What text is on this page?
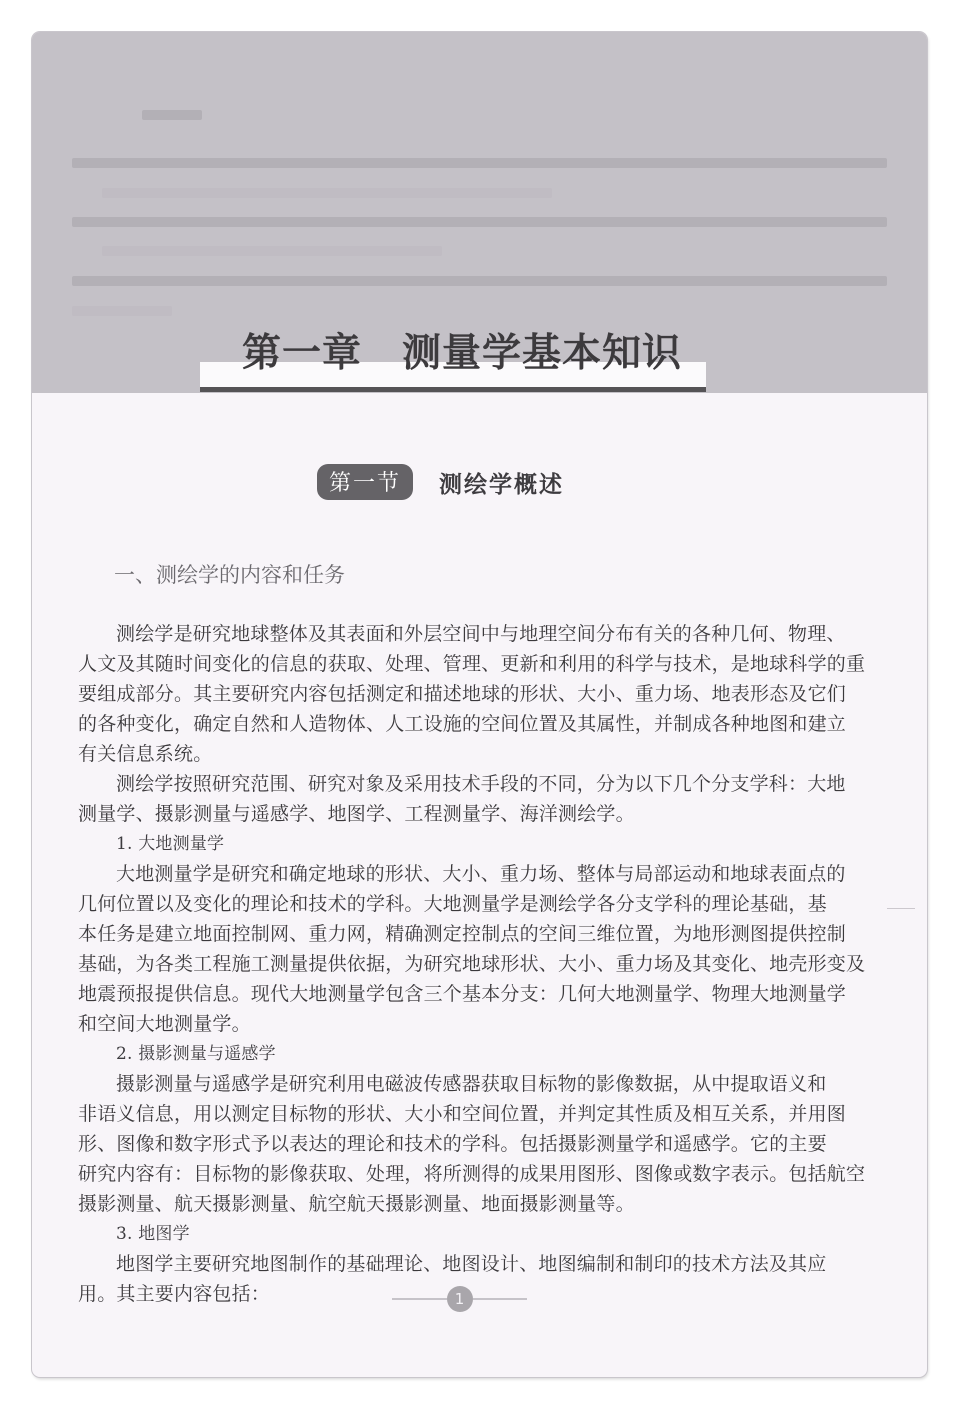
第一章　测量学基本知识
第一节	测绘学概述
一、测绘学的内容和任务
测绘学是研究地球整体及其表面和外层空间中与地理空间分布有关的各种几何、物理、
人文及其随时间变化的信息的获取、处理、管理、更新和利用的科学与技术，是地球科学的重
要组成部分。其主要研究内容包括测定和描述地球的形状、大小、重力场、地表形态及它们
的各种变化，确定自然和人造物体、人工设施的空间位置及其属性，并制成各种地图和建立
有关信息系统。
测绘学按照研究范围、研究对象及采用技术手段的不同，分为以下几个分支学科：大地
测量学、摄影测量与遥感学、地图学、工程测量学、海洋测绘学。
1. 大地测量学
大地测量学是研究和确定地球的形状、大小、重力场、整体与局部运动和地球表面点的
几何位置以及变化的理论和技术的学科。大地测量学是测绘学各分支学科的理论基础，基
本任务是建立地面控制网、重力网，精确测定控制点的空间三维位置，为地形测图提供控制
基础，为各类工程施工测量提供依据，为研究地球形状、大小、重力场及其变化、地壳形变及
地震预报提供信息。现代大地测量学包含三个基本分支：几何大地测量学、物理大地测量学
和空间大地测量学。
2. 摄影测量与遥感学
摄影测量与遥感学是研究利用电磁波传感器获取目标物的影像数据，从中提取语义和
非语义信息，用以测定目标物的形状、大小和空间位置，并判定其性质及相互关系，并用图
形、图像和数字形式予以表达的理论和技术的学科。包括摄影测量学和遥感学。它的主要
研究内容有：目标物的影像获取、处理，将所测得的成果用图形、图像或数字表示。包括航空
摄影测量、航天摄影测量、航空航天摄影测量、地面摄影测量等。
3. 地图学
地图学主要研究地图制作的基础理论、地图设计、地图编制和制印的技术方法及其应
用。其主要内容包括：	1
